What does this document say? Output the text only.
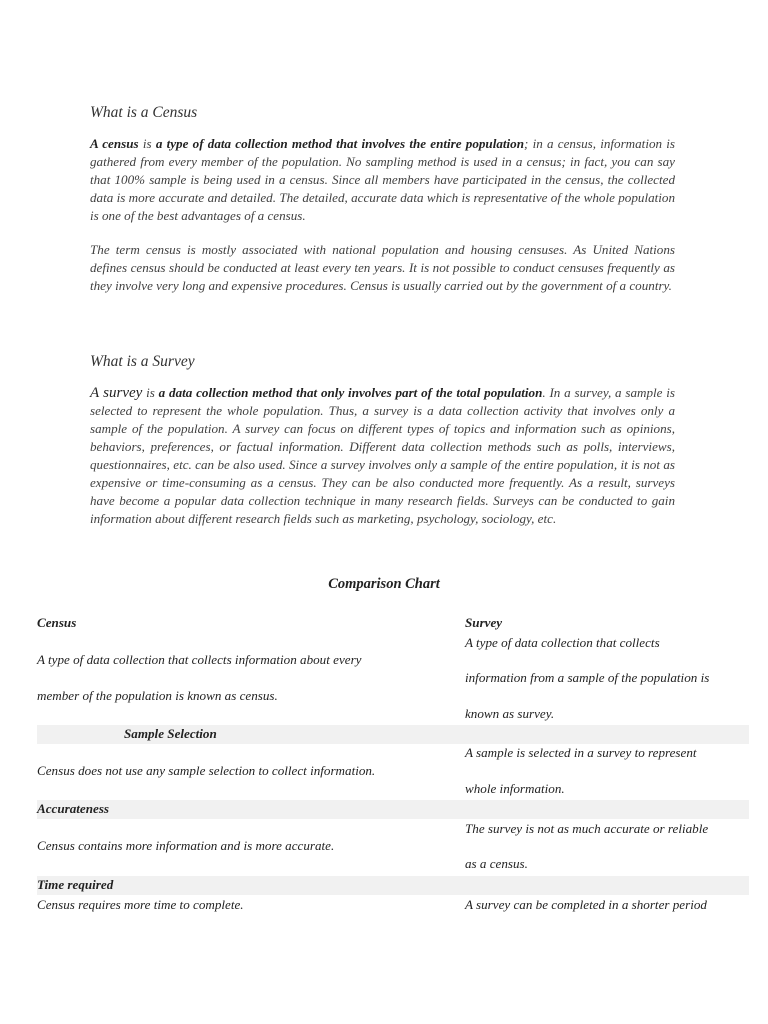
What is a Census

A census is a type of data collection method that involves the entire population; in a census, information is gathered from every member of the population. No sampling method is used in a census; in fact, you can say that 100% sample is being used in a census. Since all members have participated in the census, the collected data is more accurate and detailed. The detailed, accurate data which is representative of the whole population is one of the best advantages of a census.

The term census is mostly associated with national population and housing censuses. As United Nations defines census should be conducted at least every ten years. It is not possible to conduct censuses frequently as they involve very long and expensive procedures. Census is usually carried out by the government of a country.

What is a Survey

A survey is a data collection method that only involves part of the total population. In a survey, a sample is selected to represent the whole population. Thus, a survey is a data collection activity that involves only a sample of the population. A survey can focus on different types of topics and information such as opinions, behaviors, preferences, or factual information. Different data collection methods such as polls, interviews, questionnaires, etc. can be also used. Since a survey involves only a sample of the entire population, it is not as expensive or time-consuming as a census. They can be also conducted more frequently. As a result, surveys have become a popular data collection technique in many research fields. Surveys can be conducted to gain information about different research fields such as marketing, psychology, sociology, etc.

Comparison Chart
Census	Survey
A type of data collection that collects
A type of data collection that collects information about every
information from a sample of the population is
member of the population is known as census.
known as survey.
Sample Selection
A sample is selected in a survey to represent
Census does not use any sample selection to collect information.
whole information.
Accurateness
The survey is not as much accurate or reliable
Census contains more information and is more accurate.
as a census.
Time required
Census requires more time to complete.	A survey can be completed in a shorter period
